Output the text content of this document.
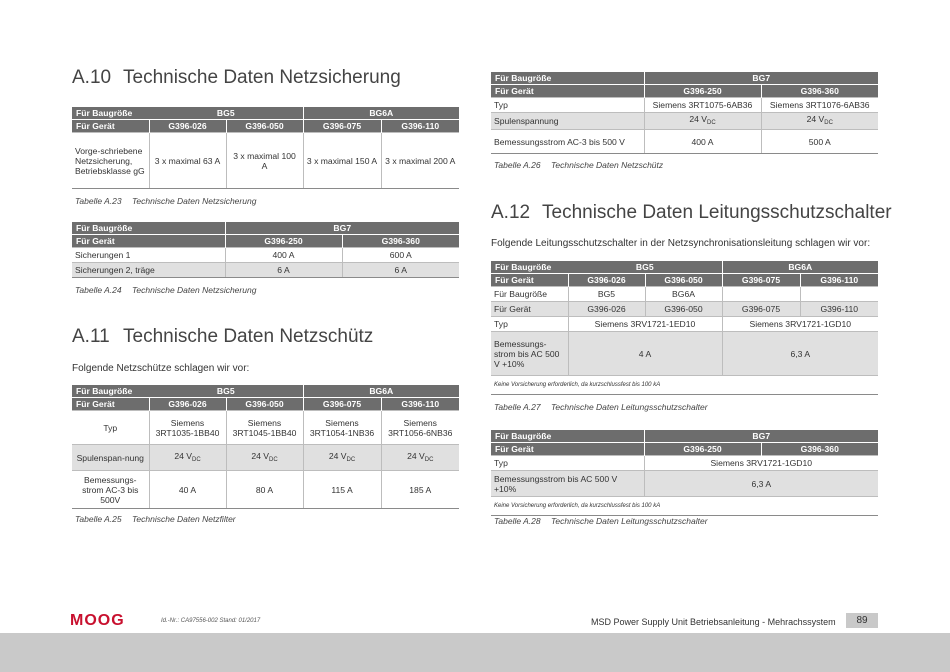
A.10 Technische Daten Netzsicherung
Für Baugröße	BG5		BG6A	
Für Gerät	G396-026	G396-050	G396-075	G396-110
Vorge-schriebene Netzsicherung, Betriebsklasse gG	3 x maximal 63 A	3 x maximal 100 A	3 x maximal 150 A	3 x maximal 200 A
Tabelle A.23 Technische Daten Netzsicherung
Für Baugröße	BG7	
Für Gerät	G396-250	G396-360
Sicherungen 1	400 A	600 A
Sicherungen 2, träge	6 A	6 A
Tabelle A.24 Technische Daten Netzsicherung
A.11 Technische Daten Netzschütz

Folgende Netzschütze schlagen wir vor:

Für Baugröße	BG5		BG6A	
Für Gerät	G396-026	G396-050	G396-075	G396-110
Typ	Siemens 3RT1035-1BB40	Siemens 3RT1045-1BB40	Siemens 3RT1054-1NB36	Siemens 3RT1056-6NB36
Spulenspan-nung	24 $V_{DC}$	24 $V_{DC}$	24 $V_{DC}$	24 $V_{DC}$
Bemessungs-strom AC-3 bis 500V	40 A	80 A	115 A	185 A
Tabelle A.25 Technische Daten Netzfilter
Für Baugröße	BG7	
Für Gerät	G396-250	G396-360
Typ	Siemens 3RT1075-6AB36	Siemens 3RT1076-6AB36
Spulenspannung	24 $V_{DC}$	24 $V_{DC}$
Bemessungsstrom AC-3 bis 500 V	400 A	500 A
Tabelle A.26 Technische Daten Netzschütz
A.12 Technische Daten Leitungsschutzschalter

Folgende Leitungsschutzschalter in der Netzsynchronisationsleitung schlagen wir vor:

Für Baugröße	BG5		BG6A	
Für Gerät	G396-026	G396-050	G396-075	G396-110
Für Baugröße	BG5	BG6A		
Für Gerät	G396-026	G396-050	G396-075	G396-110
Typ	Siemens 3RV1721-1ED10		Siemens 3RV1721-1GD10	
Bemessungs-strom bis AC 500 V +10%	4 A		6,3 A	
Keine Vorsicherung erforderlich, da kurzschlussfest bis 100 kA				
Tabelle A.27 Technische Daten Leitungsschutzschalter
Für Baugröße	BG7	
Für Gerät	G396-250	G396-360
Typ	Siemens 3RV1721-1GD10	
Bemessungsstrom bis AC 500 V +10%	6,3 A	
Keine Vorsicherung erforderlich, da kurzschlussfest bis 100 kA		
Tabelle A.28 Technische Daten Leitungsschutzschalter
MOOG	Id.-Nr.: CA97556-002 Stand: 01/2017	MSD Power Supply Unit Betriebsanleitung - Mehrachssystem	89
